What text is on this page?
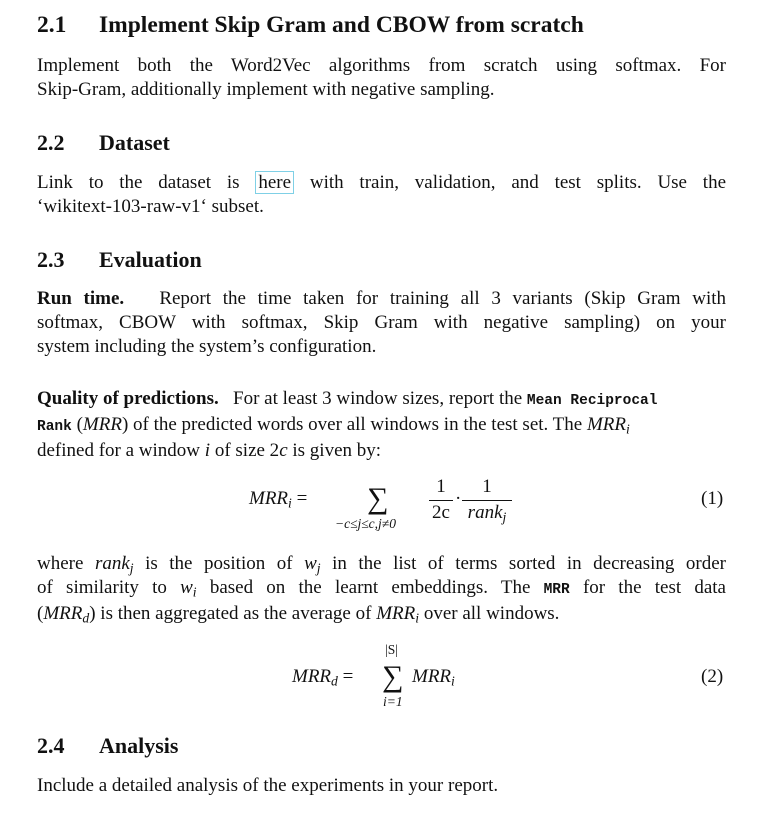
2.1 Implement Skip Gram and CBOW from scratch
Implement both the Word2Vec algorithms from scratch using softmax. For
Skip-Gram, additionally implement with negative sampling.
2.2 Dataset
Link to the dataset is here with train, validation, and test splits. Use the
‘wikitext-103-raw-v1‘ subset.
2.3 Evaluation
Run time. Report the time taken for training all 3 variants (Skip Gram with
softmax, CBOW with softmax, Skip Gram with negative sampling) on your
system including the system’s configuration.
Quality of predictions. For at least 3 window sizes, report the Mean Reciprocal
Rank (MRR) of the predicted words over all windows in the test set. The $MRR_i$
defined for a window i of size 2c is given by:
$MRR_i$ = ∑
−c≤j≤c,j≠0
1
2c
·
1
rank$_j$
(1)
where rank$_j$ is the position of $w_j$ in the list of terms sorted in decreasing order
of similarity to $w_i$ based on the learnt embeddings. The MRR for the test data
$(MRR_d)$ is then aggregated as the average of $MRR_i$ over all windows.
$MRR_d$ =
|S|
∑
i=1
$MRR_i$	(2)
2.4 Analysis
Include a detailed analysis of the experiments in your report.
